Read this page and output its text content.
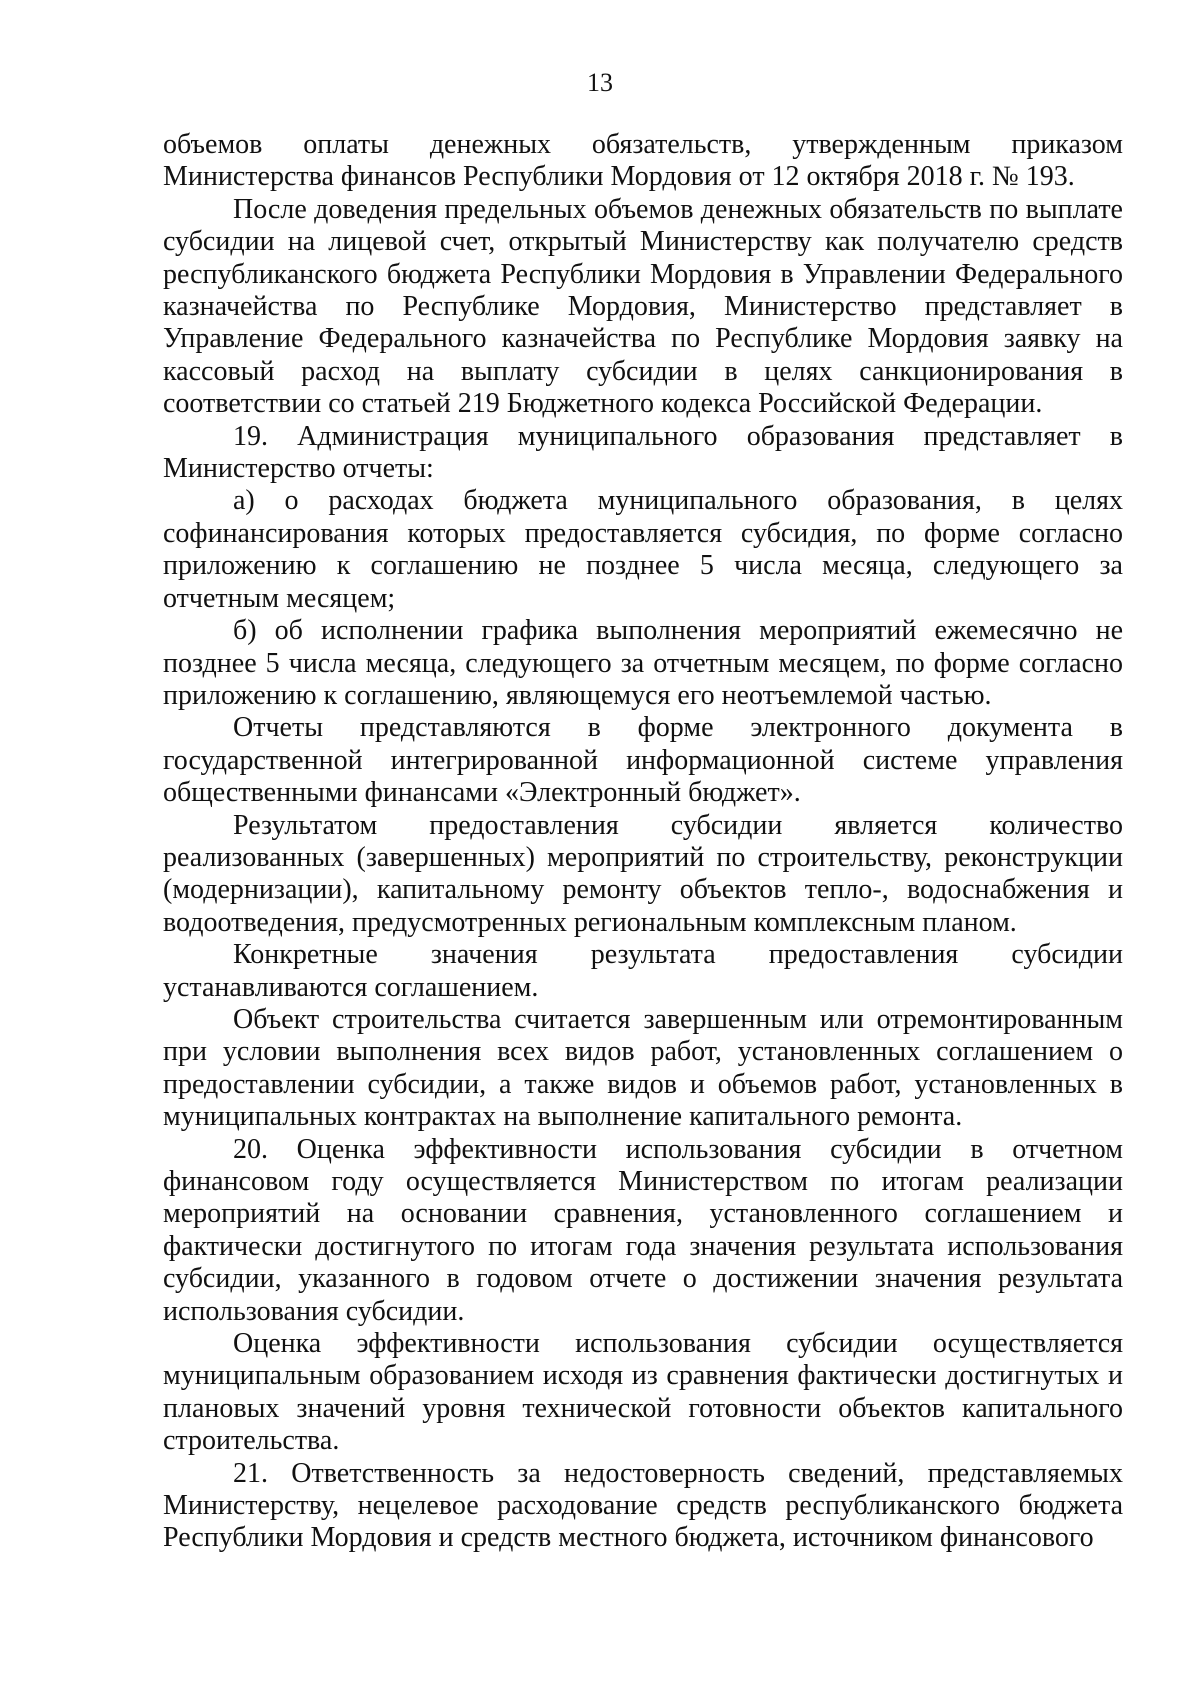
13

объемов оплаты денежных обязательств, утвержденным приказом Министерства финансов Республики Мордовия от 12 октября 2018 г. № 193.

После доведения предельных объемов денежных обязательств по выплате субсидии на лицевой счет, открытый Министерству как получателю средств республиканского бюджета Республики Мордовия в Управлении Федерального казначейства по Республике Мордовия, Министерство представляет в Управление Федерального казначейства по Республике Мордовия заявку на кассовый расход на выплату субсидии в целях санкционирования в соответствии со статьей 219 Бюджетного кодекса Российской Федерации.

19. Администрация муниципального образования представляет в Министерство отчеты:

а) о расходах бюджета муниципального образования, в целях софинансирования которых предоставляется субсидия, по форме согласно приложению к соглашению не позднее 5 числа месяца, следующего за отчетным месяцем;

б) об исполнении графика выполнения мероприятий ежемесячно не позднее 5 числа месяца, следующего за отчетным месяцем, по форме согласно приложению к соглашению, являющемуся его неотъемлемой частью.

Отчеты представляются в форме электронного документа в государственной интегрированной информационной системе управления общественными финансами «Электронный бюджет».

Результатом предоставления субсидии является количество реализованных (завершенных) мероприятий по строительству, реконструкции (модернизации), капитальному ремонту объектов тепло-, водоснабжения и водоотведения, предусмотренных региональным комплексным планом.

Конкретные значения результата предоставления субсидии устанавливаются соглашением.

Объект строительства считается завершенным или отремонтированным при условии выполнения всех видов работ, установленных соглашением о предоставлении субсидии, а также видов и объемов работ, установленных в муниципальных контрактах на выполнение капитального ремонта.

20. Оценка эффективности использования субсидии в отчетном финансовом году осуществляется Министерством по итогам реализации мероприятий на основании сравнения, установленного соглашением и фактически достигнутого по итогам года значения результата использования субсидии, указанного в годовом отчете о достижении значения результата использования субсидии.

Оценка эффективности использования субсидии осуществляется муниципальным образованием исходя из сравнения фактически достигнутых и плановых значений уровня технической готовности объектов капитального строительства.

21. Ответственность за недостоверность сведений, представляемых Министерству, нецелевое расходование средств республиканского бюджета Республики Мордовия и средств местного бюджета, источником финансового
